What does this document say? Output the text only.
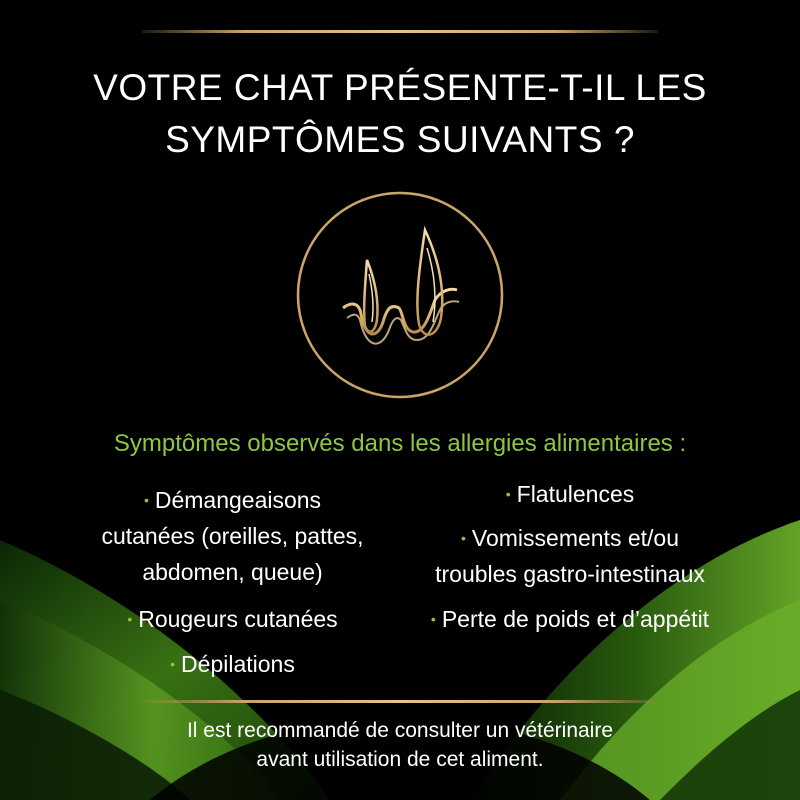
VOTRE CHAT PRÉSENTE-T-IL LES
SYMPTÔMES SUIVANTS ?
Symptômes observés dans les allergies alimentaires :
• Démangeaisons
cutanées (oreilles, pattes,
abdomen, queue)
• Rougeurs cutanées
• Dépilations
• Flatulences
• Vomissements et/ou
troubles gastro-intestinaux
• Perte de poids et d’appétit
Il est recommandé de consulter un vétérinaire
avant utilisation de cet aliment.
